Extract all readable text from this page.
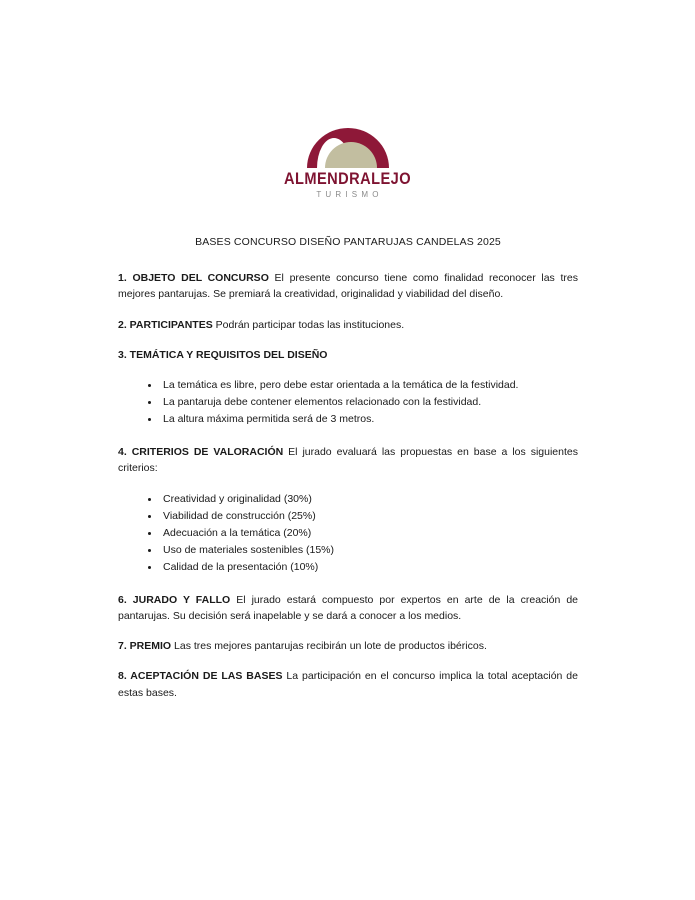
ALMENDRALEJO
TURISMO
BASES CONCURSO DISEÑO PANTARUJAS CANDELAS 2025

1. OBJETO DEL CONCURSO El presente concurso tiene como finalidad reconocer las tres mejores pantarujas. Se premiará la creatividad, originalidad y viabilidad del diseño.

2. PARTICIPANTES Podrán participar todas las instituciones.

3. TEMÁTICA Y REQUISITOS DEL DISEÑO

La temática es libre, pero debe estar orientada a la temática de la festividad.
La pantaruja debe contener elementos relacionado con la festividad.
La altura máxima permitida será de 3 metros.

4. CRITERIOS DE VALORACIÓN El jurado evaluará las propuestas en base a los siguientes criterios:

Creatividad y originalidad (30%)
Viabilidad de construcción (25%)
Adecuación a la temática (20%)
Uso de materiales sostenibles (15%)
Calidad de la presentación (10%)

6. JURADO Y FALLO El jurado estará compuesto por expertos en arte de la creación de pantarujas. Su decisión será inapelable y se dará a conocer a los medios.

7. PREMIO Las tres mejores pantarujas recibirán un lote de productos ibéricos.

8. ACEPTACIÓN DE LAS BASES La participación en el concurso implica la total aceptación de estas bases.
